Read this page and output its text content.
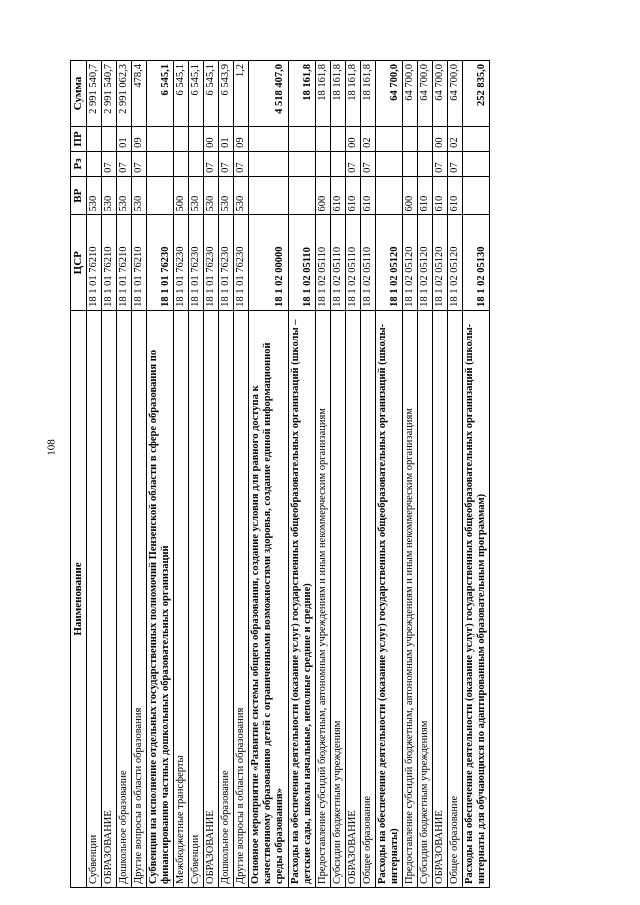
108
Наименование	ЦСР	ВР	Рз	ПР	Сумма
Субвенции	18 1 01 76210	530			2 991 540,7
ОБРАЗОВАНИЕ	18 1 01 76210	530	07		2 991 540,7
Дошкольное образование	18 1 01 76210	530	07	01	2 991 062,3
Другие вопросы в области образования	18 1 01 76210	530	07	09	478,4
Субвенции на исполнение отдельных государственных полномочий Пензенской области в сфере образования по финансированию частных дошкольных образовательных организаций	18 1 01 76230				6 545,1
Межбюджетные трансферты	18 1 01 76230	500			6 545,1
Субвенции	18 1 01 76230	530			6 545,1
ОБРАЗОВАНИЕ	18 1 01 76230	530	07	00	6 545,1
Дошкольное образование	18 1 01 76230	530	07	01	6 543,9
Другие вопросы в области образования	18 1 01 76230	530	07	09	1,2
Основное мероприятие «Развитие системы общего образования, создание условия для равного доступа к качественному образованию детей с ограниченными возможностями здоровья, создание единой информационной среды образования»	18 1 02 00000				4 518 407,0
Расходы на обеспечение деятельности (оказание услуг) государственных общеобразовательных организаций (школы – детские сады, школы начальные, неполные средние и средние)	18 1 02 05110				18 161,8
Предоставление субсидий бюджетным, автономным учреждениям и иным некоммерческим организациям	18 1 02 05110	600			18 161,8
Субсидии бюджетным учреждениям	18 1 02 05110	610			18 161,8
ОБРАЗОВАНИЕ	18 1 02 05110	610	07	00	18 161,8
Общее образование	18 1 02 05110	610	07	02	18 161,8
Расходы на обеспечение деятельности (оказание услуг) государственных общеобразовательных организаций (школы-интернаты)	18 1 02 05120				64 700,0
Предоставление субсидий бюджетным, автономным учреждениям и иным некоммерческим организациям	18 1 02 05120	600			64 700,0
Субсидии бюджетным учреждениям	18 1 02 05120	610			64 700,0
ОБРАЗОВАНИЕ	18 1 02 05120	610	07	00	64 700,0
Общее образование	18 1 02 05120	610	07	02	64 700,0
Расходы на обеспечение деятельности (оказание услуг) государственных общеобразовательных организаций (школы-интернаты для обучающихся по адаптированным образовательным программам)	18 1 02 05130				252 835,0
